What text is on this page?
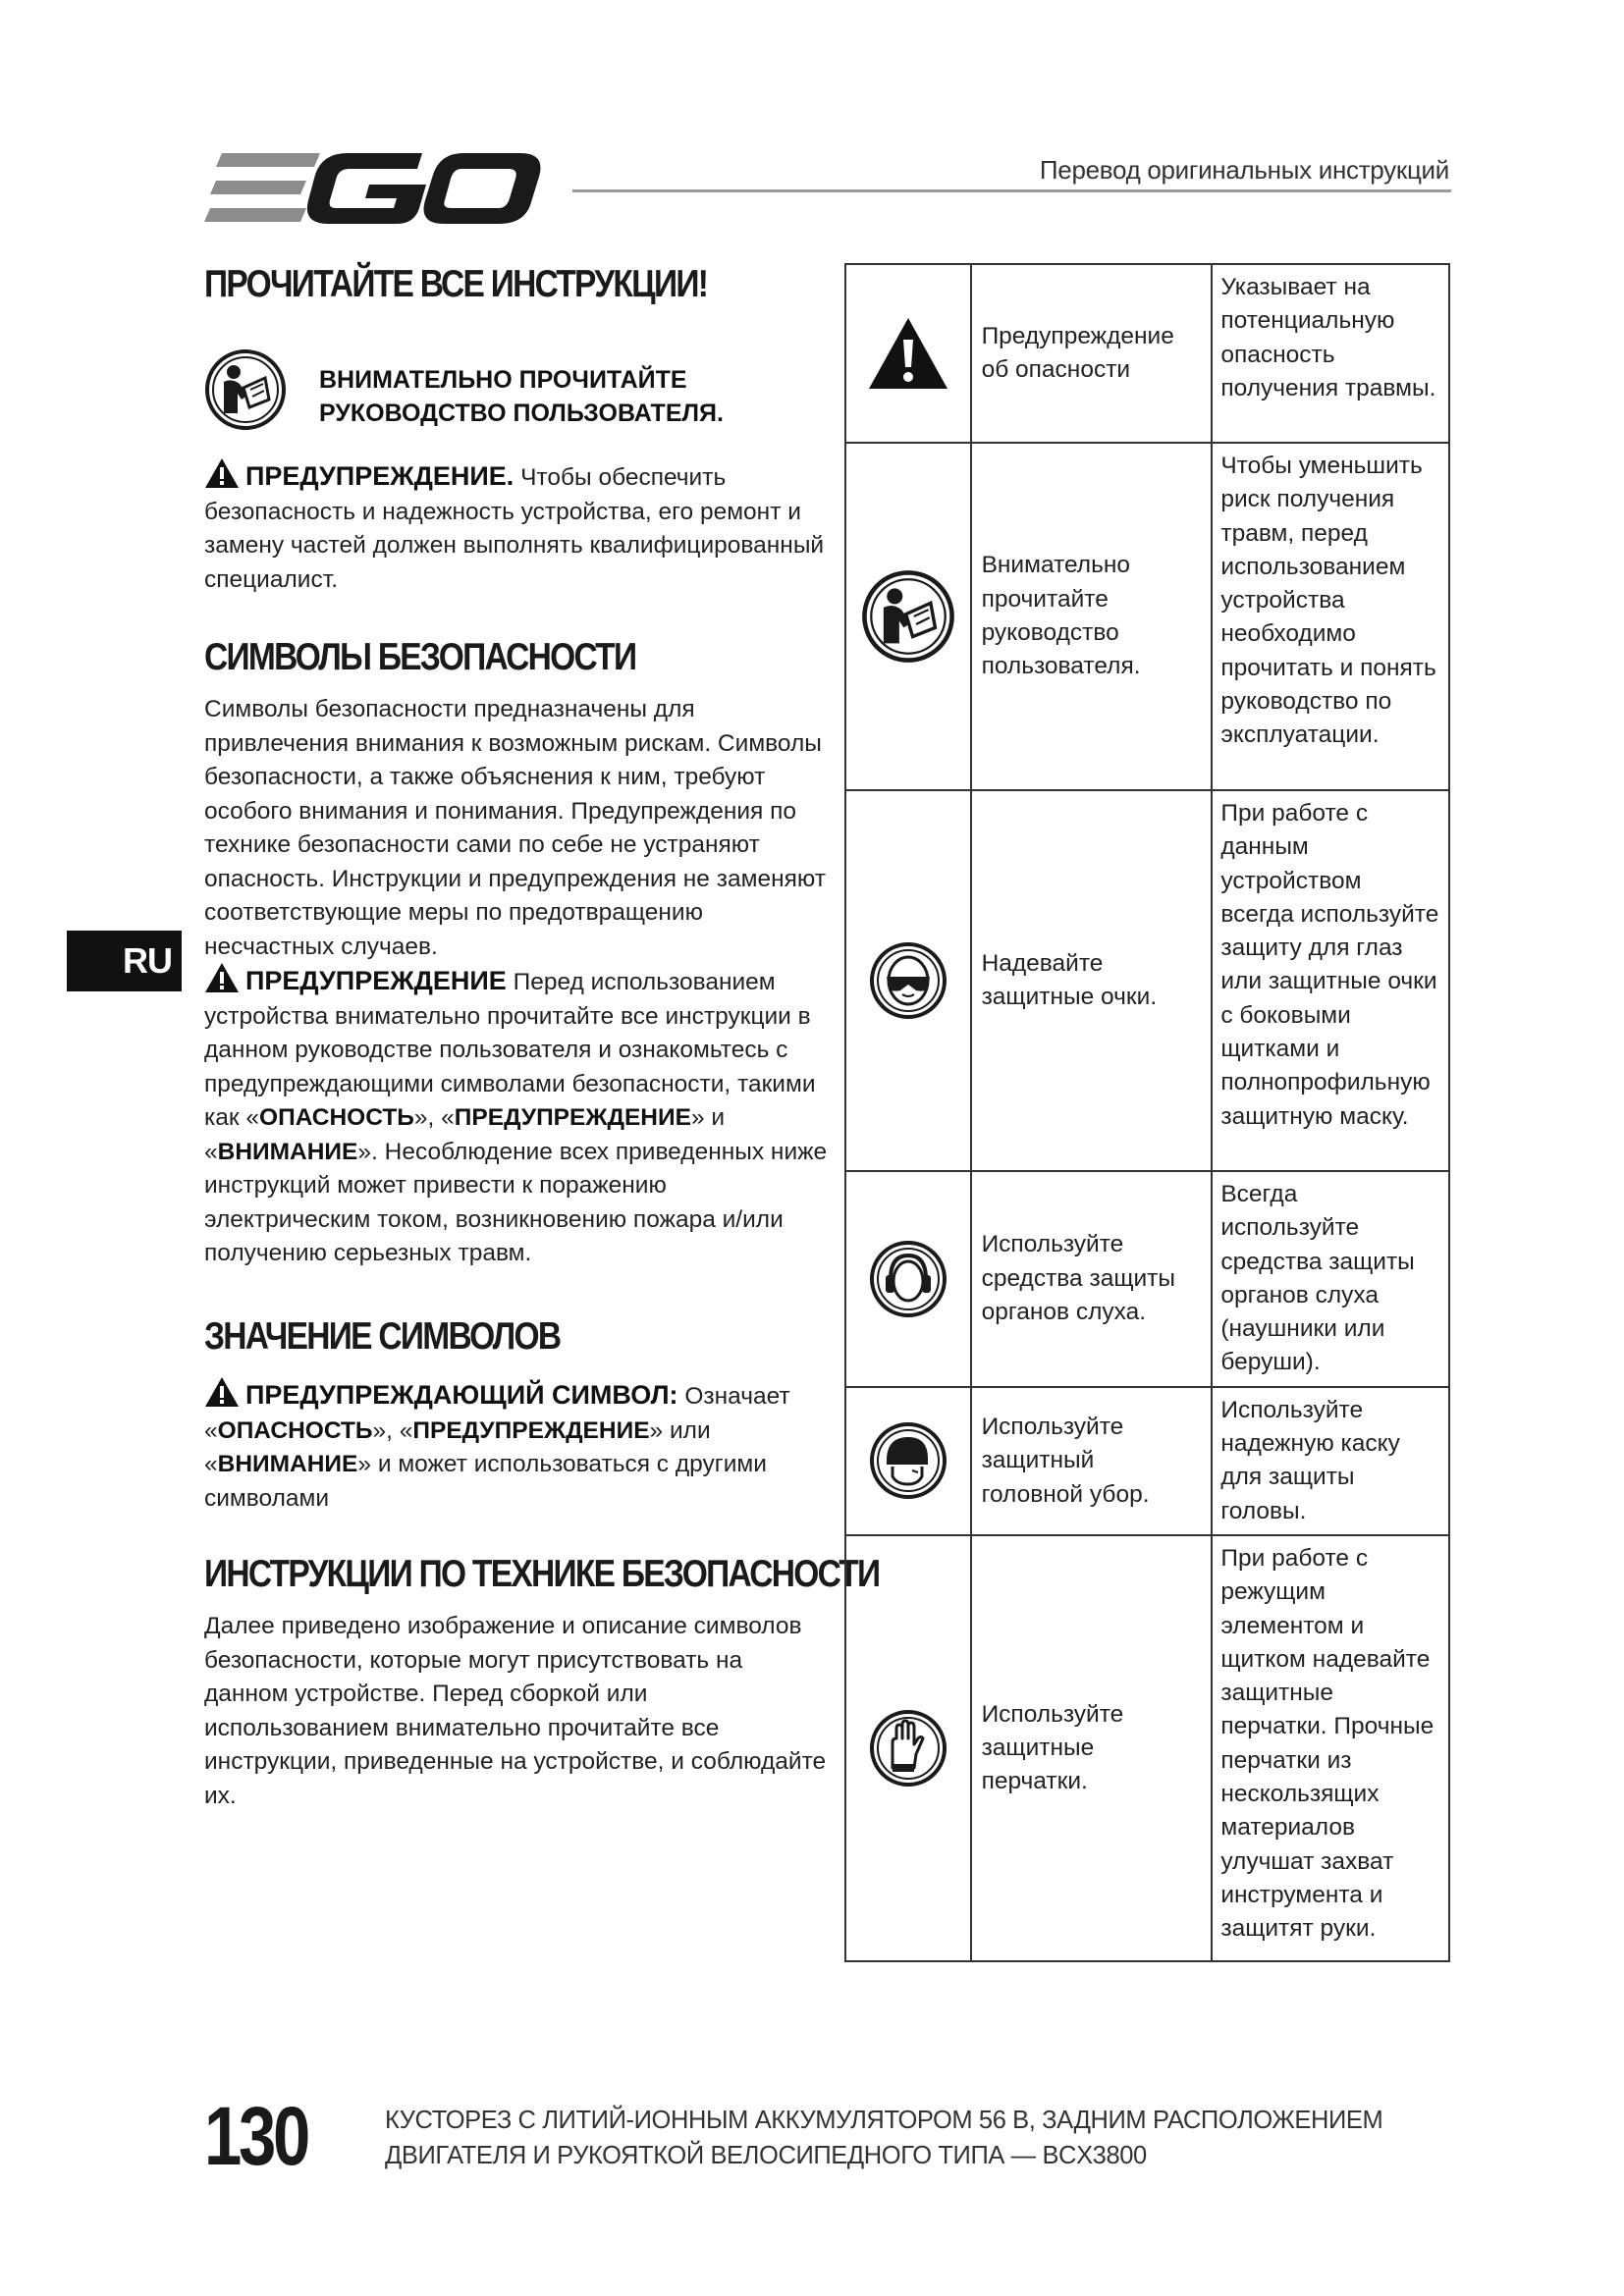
Перевод оригинальных инструкций
ПРОЧИТАЙТЕ ВСЕ ИНСТРУКЦИИ!
ВНИМАТЕЛЬНО ПРОЧИТАЙТЕ
РУКОВОДСТВО ПОЛЬЗОВАТЕЛЯ.
ПРЕДУПРЕЖДЕНИЕ. Чтобы обеспечить безопасность и надежность устройства, его ремонт и замену частей должен выполнять квалифицированный специалист.
СИМВОЛЫ БЕЗОПАСНОСТИ
Символы безопасности предназначены для привлечения внимания к возможным рискам. Символы безопасности, а также объяснения к ним, требуют особого внимания и понимания. Предупреждения по технике безопасности сами по себе не устраняют опасность. Инструкции и предупреждения не заменяют соответствующие меры по предотвращению несчастных случаев.
ПРЕДУПРЕЖДЕНИЕ Перед использованием устройства внимательно прочитайте все инструкции в данном руководстве пользователя и ознакомьтесь с предупреждающими символами безопасности, такими как «ОПАСНОСТЬ», «ПРЕДУПРЕЖДЕНИЕ» и «ВНИМАНИЕ». Несоблюдение всех приведенных ниже инструкций может привести к поражению электрическим током, возникновению пожара и/или получению серьезных травм.
ЗНАЧЕНИЕ СИМВОЛОВ
ПРЕДУПРЕЖДАЮЩИЙ СИМВОЛ: Означает «ОПАСНОСТЬ», «ПРЕДУПРЕЖДЕНИЕ» или «ВНИМАНИЕ» и может использоваться с другими символами
ИНСТРУКЦИИ ПО ТЕХНИКЕ БЕЗОПАСНОСТИ
Далее приведено изображение и описание символов безопасности, которые могут присутствовать на данном устройстве. Перед сборкой или использованием внимательно прочитайте все инструкции, приведенные на устройстве, и соблюдайте их.
RU
	Предупреждение об опасности	Указывает на потенциальную опасность получения травмы.

	Внимательно прочитайте руководство пользователя.	Чтобы уменьшить риск получения травм, перед использованием устройства необходимо прочитать и понять руководство по эксплуатации.

	Надевайте защитные очки.	При работе с данным устройством всегда используйте защиту для глаз или защитные очки с боковыми щитками и полнопрофильную защитную маску.

	Используйте средства защиты органов слуха.	Всегда используйте средства защиты органов слуха (наушники или беруши).

	Используйте защитный головной убор.	Используйте надежную каску для защиты головы.

	Используйте защитные перчатки.	При работе с режущим элементом и щитком надевайте защитные перчатки. Прочные перчатки из нескользящих материалов улучшат захват инструмента и защитят руки.
130	КУСТОРЕЗ С ЛИТИЙ-ИОННЫМ АККУМУЛЯТОРОМ 56 В, ЗАДНИМ РАСПОЛОЖЕНИЕМ ДВИГАТЕЛЯ И РУКОЯТКОЙ ВЕЛОСИПЕДНОГО ТИПА — BCX3800
